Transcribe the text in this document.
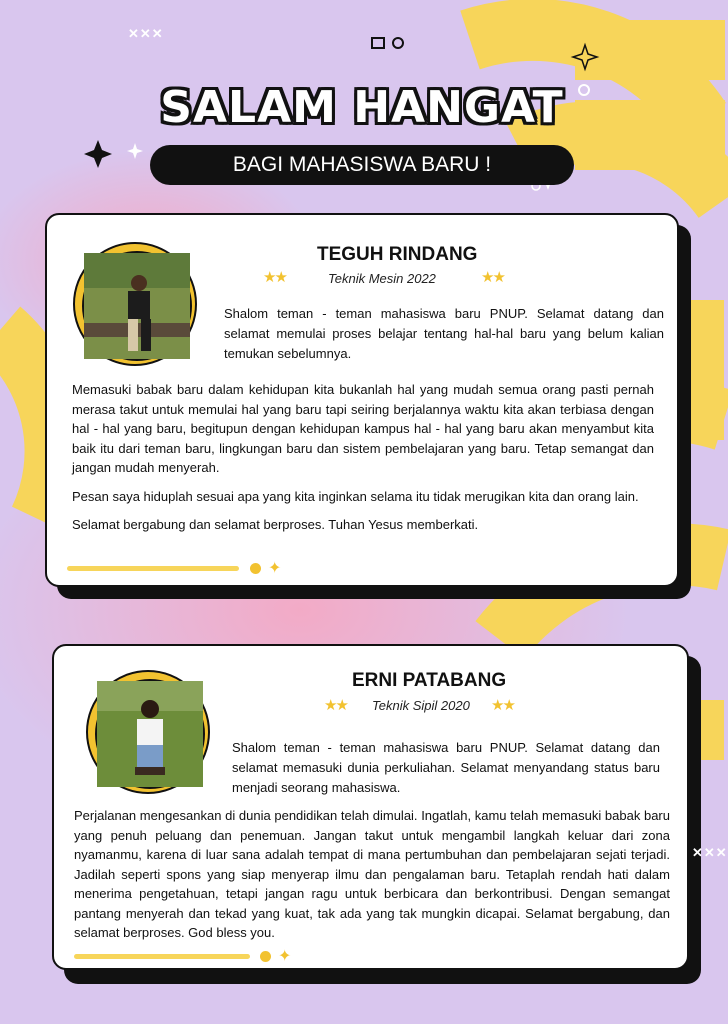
✕✕✕
✕✕✕
SALAM HANGAT
BAGI MAHASISWA BARU !
TEGUH RINDANG
★★	Teknik Mesin 2022	★★

Shalom teman - teman mahasiswa baru PNUP. Selamat datang dan selamat memulai proses belajar tentang hal-hal baru yang belum kalian temukan sebelumnya.

Memasuki babak baru dalam kehidupan kita bukanlah hal yang mudah semua orang pasti pernah merasa takut untuk memulai hal yang baru tapi seiring berjalannya waktu kita akan terbiasa dengan hal - hal yang baru, begitupun dengan kehidupan kampus hal - hal yang baru akan menyambut kita baik itu dari teman baru, lingkungan baru dan sistem pembelajaran yang baru. Tetap semangat dan jangan mudah menyerah.

Pesan saya hiduplah sesuai apa yang kita inginkan selama itu tidak merugikan kita dan orang lain.

Selamat bergabung dan selamat berproses. Tuhan Yesus memberkati.

✦
ERNI PATABANG
★★ Teknik Sipil 2020 ★★

Shalom teman - teman mahasiswa baru PNUP. Selamat datang dan selamat memasuki dunia perkuliahan. Selamat menyandang status baru menjadi seorang mahasiswa.

Perjalanan mengesankan di dunia pendidikan telah dimulai. Ingatlah, kamu telah memasuki babak baru yang penuh peluang dan penemuan. Jangan takut untuk mengambil langkah keluar dari zona nyamanmu, karena di luar sana adalah tempat di mana pertumbuhan dan pembelajaran sejati terjadi. Jadilah seperti spons yang siap menyerap ilmu dan pengalaman baru. Tetaplah rendah hati dalam menerima pengetahuan, tetapi jangan ragu untuk berbicara dan berkontribusi. Dengan semangat pantang menyerah dan tekad yang kuat, tak ada yang tak mungkin dicapai. Selamat bergabung, dan selamat berproses. God bless you.

✦
